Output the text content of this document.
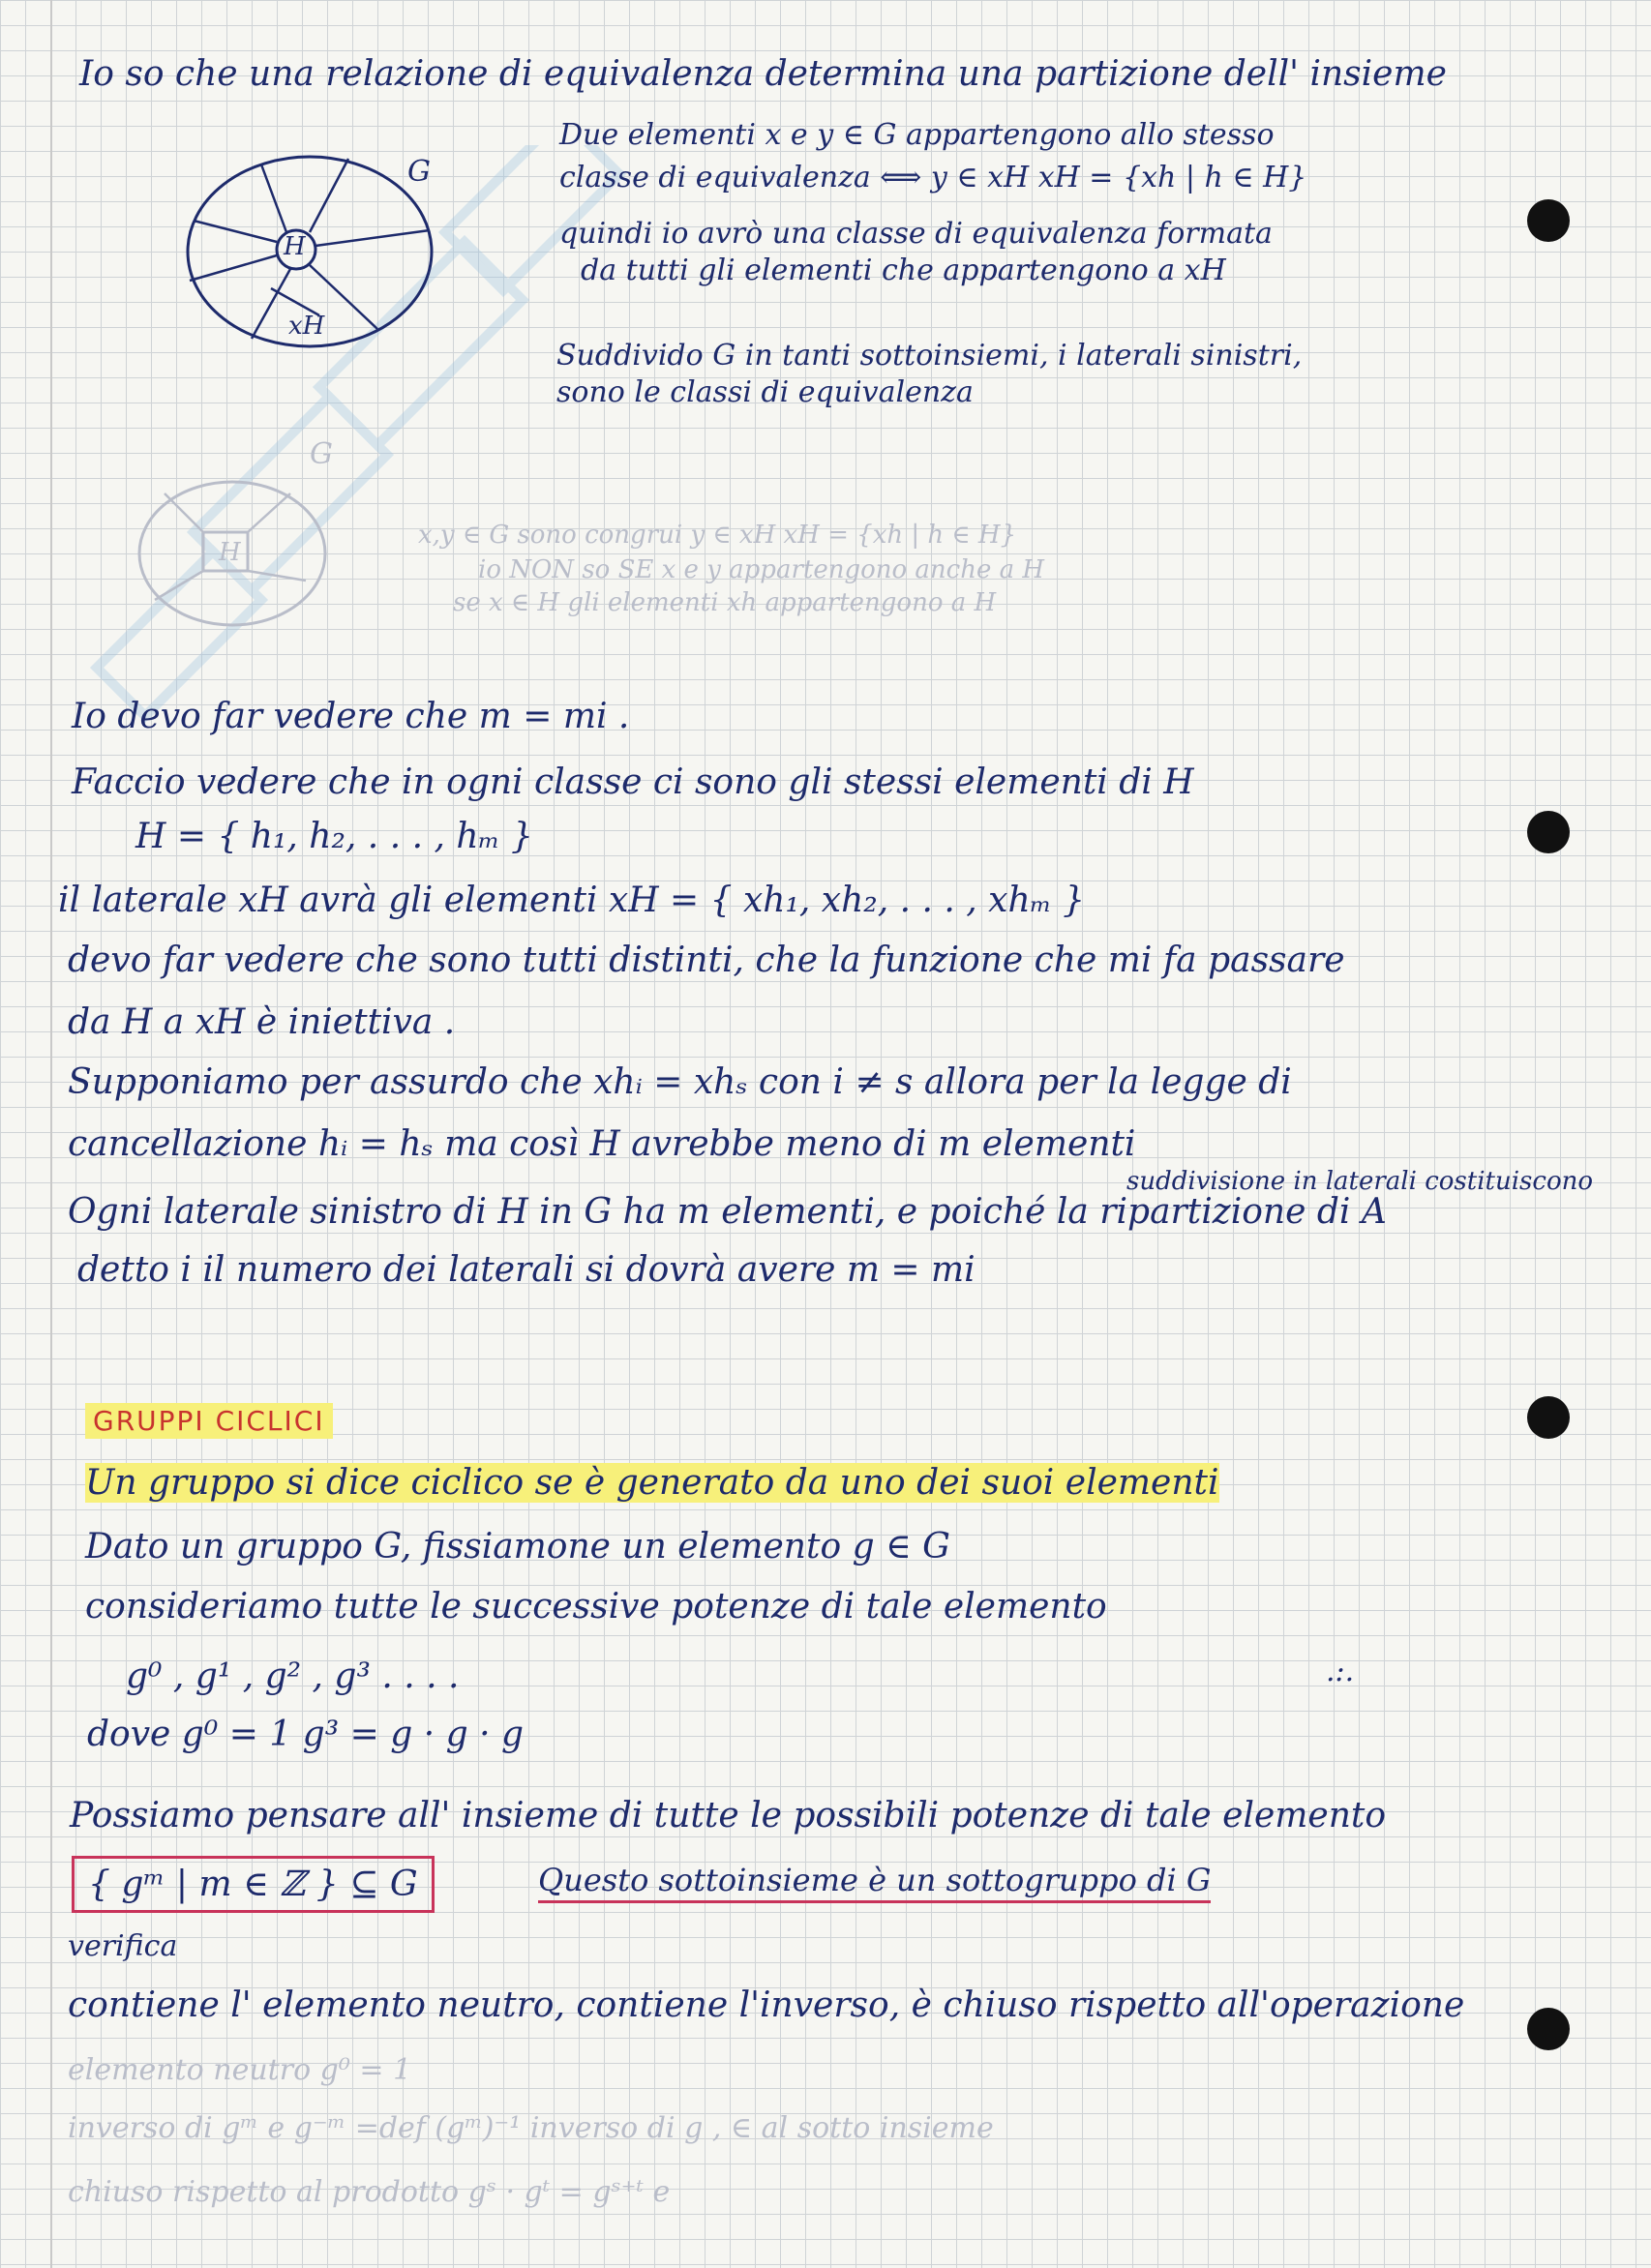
G
H
xH
G
H
Io so che una relazione di equivalenza determina una partizione dell' insieme
Due elementi x e y ∈ G appartengono allo stesso
classe di equivalenza ⟺ y ∈ xH xH = {xh | h ∈ H}
quindi io avrò una classe di equivalenza formata
da tutti gli elementi che appartengono a xH
Suddivido G in tanti sottoinsiemi, i laterali sinistri,
sono le classi di equivalenza
x,y ∈ G sono congrui y ∈ xH xH = {xh | h ∈ H}
io NON so SE x e y appartengono anche a H
se x ∈ H gli elementi xh appartengono a H
Io devo far vedere che m = mi .
Faccio vedere che in ogni classe ci sono gli stessi elementi di H
H = { h₁, h₂, . . . , hₘ }
il laterale xH avrà gli elementi xH = { xh₁, xh₂, . . . , xhₘ }
devo far vedere che sono tutti distinti, che la funzione che mi fa passare
da H a xH è iniettiva .
Supponiamo per assurdo che xhᵢ = xhₛ con i ≠ s allora per la legge di
cancellazione hᵢ = hₛ ma così H avrebbe meno di m elementi
suddivisione in laterali costituiscono
Ogni laterale sinistro di H in G ha m elementi, e poiché la ripartizione di A
detto i il numero dei laterali si dovrà avere m = mi
GRUPPI CICLICI
Un gruppo si dice ciclico se è generato da uno dei suoi elementi
Dato un gruppo G, fissiamone un elemento g ∈ G
consideriamo tutte le successive potenze di tale elemento
g⁰ , g¹ , g² , g³ . . . .	.:.
dove g⁰ = 1 g³ = g · g · g
Possiamo pensare all' insieme di tutte le possibili potenze di tale elemento
{ gᵐ | m ∈ ℤ } ⊆ G	Questo sottoinsieme è un sottogruppo di G
verifica
contiene l' elemento neutro, contiene l'inverso, è chiuso rispetto all'operazione
elemento neutro g⁰ = 1
inverso di gᵐ e g⁻ᵐ =def (gᵐ)⁻¹ inverso di g , ∈ al sotto insieme
chiuso rispetto al prodotto gˢ · gᵗ = gˢ⁺ᵗ e
